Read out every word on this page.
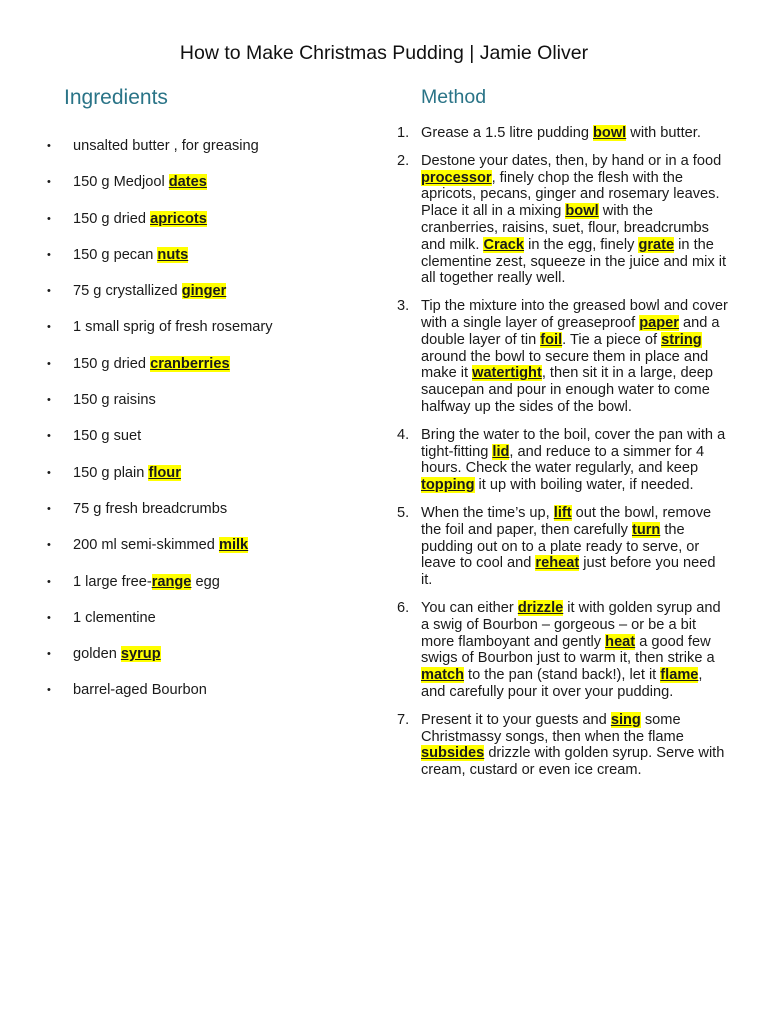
How to Make Christmas Pudding | Jamie Oliver
Ingredients	Method
• unsalted butter , for greasing
• 150 g Medjool dates
• 150 g dried apricots
• 150 g pecan nuts
• 75 g crystallized ginger
• 1 small sprig of fresh rosemary
• 150 g dried cranberries
• 150 g raisins
• 150 g suet
• 150 g plain flour
• 75 g fresh breadcrumbs
• 200 ml semi-skimmed milk
• 1 large free-range egg
• 1 clementine
• golden syrup
• barrel-aged Bourbon
1. Grease a 1.5 litre pudding bowl with butter.
2. Destone your dates, then, by hand or in a food processor, finely chop the flesh with the apricots, pecans, ginger and rosemary leaves. Place it all in a mixing bowl with the cranberries, raisins, suet, flour, breadcrumbs and milk. Crack in the egg, finely grate in the clementine zest, squeeze in the juice and mix it all together really well.
3. Tip the mixture into the greased bowl and cover with a single layer of greaseproof paper and a double layer of tin foil. Tie a piece of string around the bowl to secure them in place and make it watertight, then sit it in a large, deep saucepan and pour in enough water to come halfway up the sides of the bowl.
4. Bring the water to the boil, cover the pan with a tight-fitting lid, and reduce to a simmer for 4 hours. Check the water regularly, and keep topping it up with boiling water, if needed.
5. When the time’s up, lift out the bowl, remove the foil and paper, then carefully turn the pudding out on to a plate ready to serve, or leave to cool and reheat just before you need it.
6. You can either drizzle it with golden syrup and a swig of Bourbon – gorgeous – or be a bit more flamboyant and gently heat a good few swigs of Bourbon just to warm it, then strike a match to the pan (stand back!), let it flame, and carefully pour it over your pudding.
7. Present it to your guests and sing some Christmassy songs, then when the flame subsides drizzle with golden syrup. Serve with cream, custard or even ice cream.
